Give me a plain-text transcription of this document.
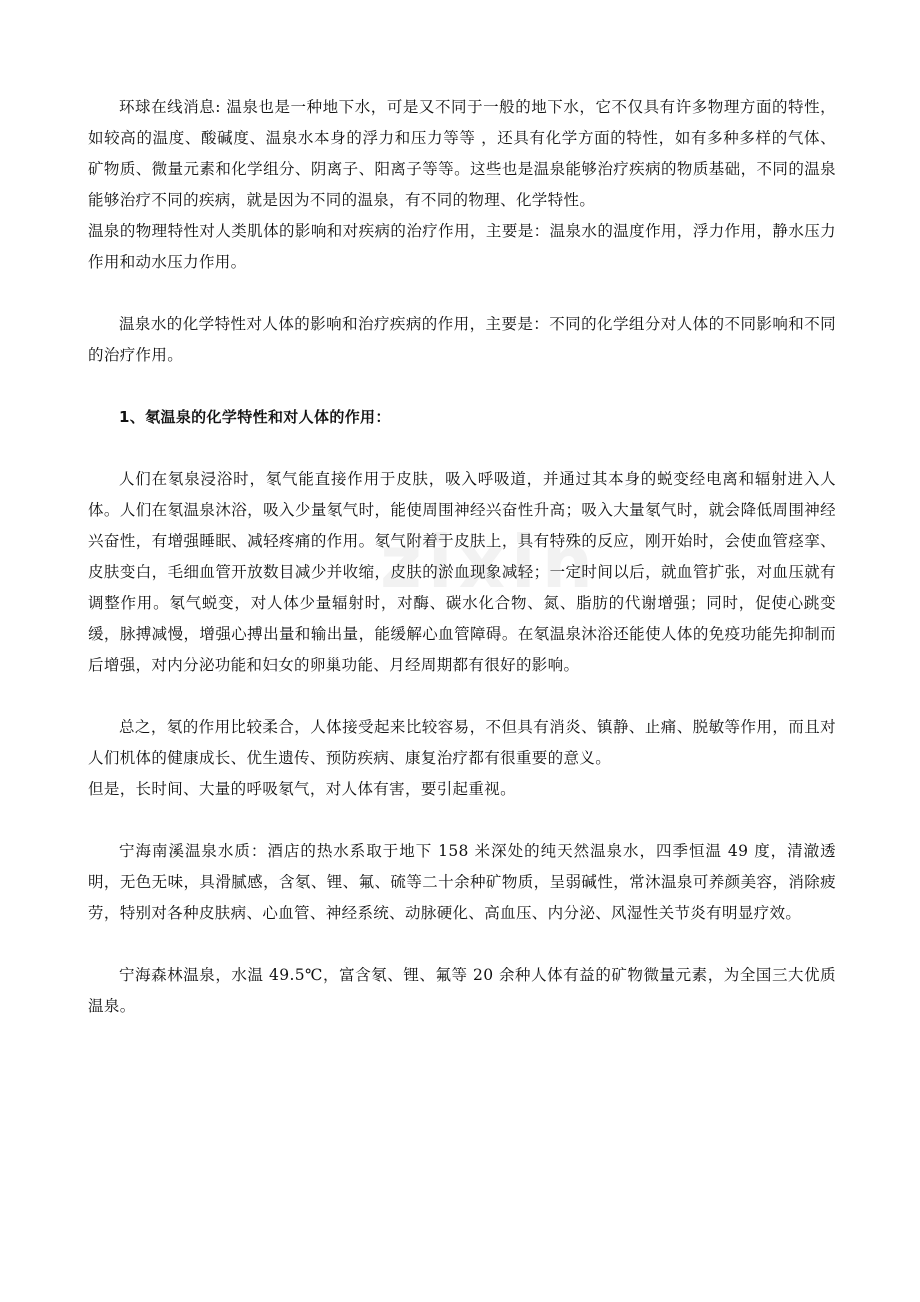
zixin

环球在线消息: 温泉也是一种地下水，可是又不同于一般的地下水，它不仅具有许多物理方面的特性，如较高的温度、酸碱度、温泉水本身的浮力和压力等等 ，还具有化学方面的特性，如有多种多样的气体、矿物质、微量元素和化学组分、阴离子、阳离子等等。这些也是温泉能够治疗疾病的物质基础，不同的温泉能够治疗不同的疾病，就是因为不同的温泉，有不同的物理、化学特性。

温泉的物理特性对人类肌体的影响和对疾病的治疗作用，主要是：温泉水的温度作用，浮力作用，静水压力作用和动水压力作用。

温泉水的化学特性对人体的影响和治疗疾病的作用，主要是：不同的化学组分对人体的不同影响和不同的治疗作用。

1、氡温泉的化学特性和对人体的作用：

人们在氡泉浸浴时，氡气能直接作用于皮肤，吸入呼吸道，并通过其本身的蜕变经电离和辐射进入人体。人们在氡温泉沐浴，吸入少量氡气时，能使周围神经兴奋性升高；吸入大量氡气时，就会降低周围神经兴奋性，有增强睡眠、减轻疼痛的作用。氡气附着于皮肤上，具有特殊的反应，刚开始时，会使血管痉挛、皮肤变白，毛细血管开放数目减少并收缩，皮肤的淤血现象减轻；一定时间以后，就血管扩张，对血压就有调整作用。氡气蜕变，对人体少量辐射时，对酶、碳水化合物、氮、脂肪的代谢增强；同时，促使心跳变缓，脉搏减慢，增强心搏出量和输出量，能缓解心血管障碍。在氡温泉沐浴还能使人体的免疫功能先抑制而后增强，对内分泌功能和妇女的卵巢功能、月经周期都有很好的影响。

总之，氡的作用比较柔合，人体接受起来比较容易，不但具有消炎、镇静、止痛、脱敏等作用，而且对人们机体的健康成长、优生遗传、预防疾病、康复治疗都有很重要的意义。

但是，长时间、大量的呼吸氡气，对人体有害，要引起重视。

宁海南溪温泉水质：酒店的热水系取于地下 158 米深处的纯天然温泉水，四季恒温 49 度，清澈透明，无色无味，具滑腻感，含氡、锂、氟、硫等二十余种矿物质，呈弱碱性，常沐温泉可养颜美容，消除疲劳，特别对各种皮肤病、心血管、神经系统、动脉硬化、高血压、内分泌、风湿性关节炎有明显疗效。

宁海森林温泉，水温 49.5℃，富含氡、锂、氟等 20 余种人体有益的矿物微量元素，为全国三大优质温泉。
